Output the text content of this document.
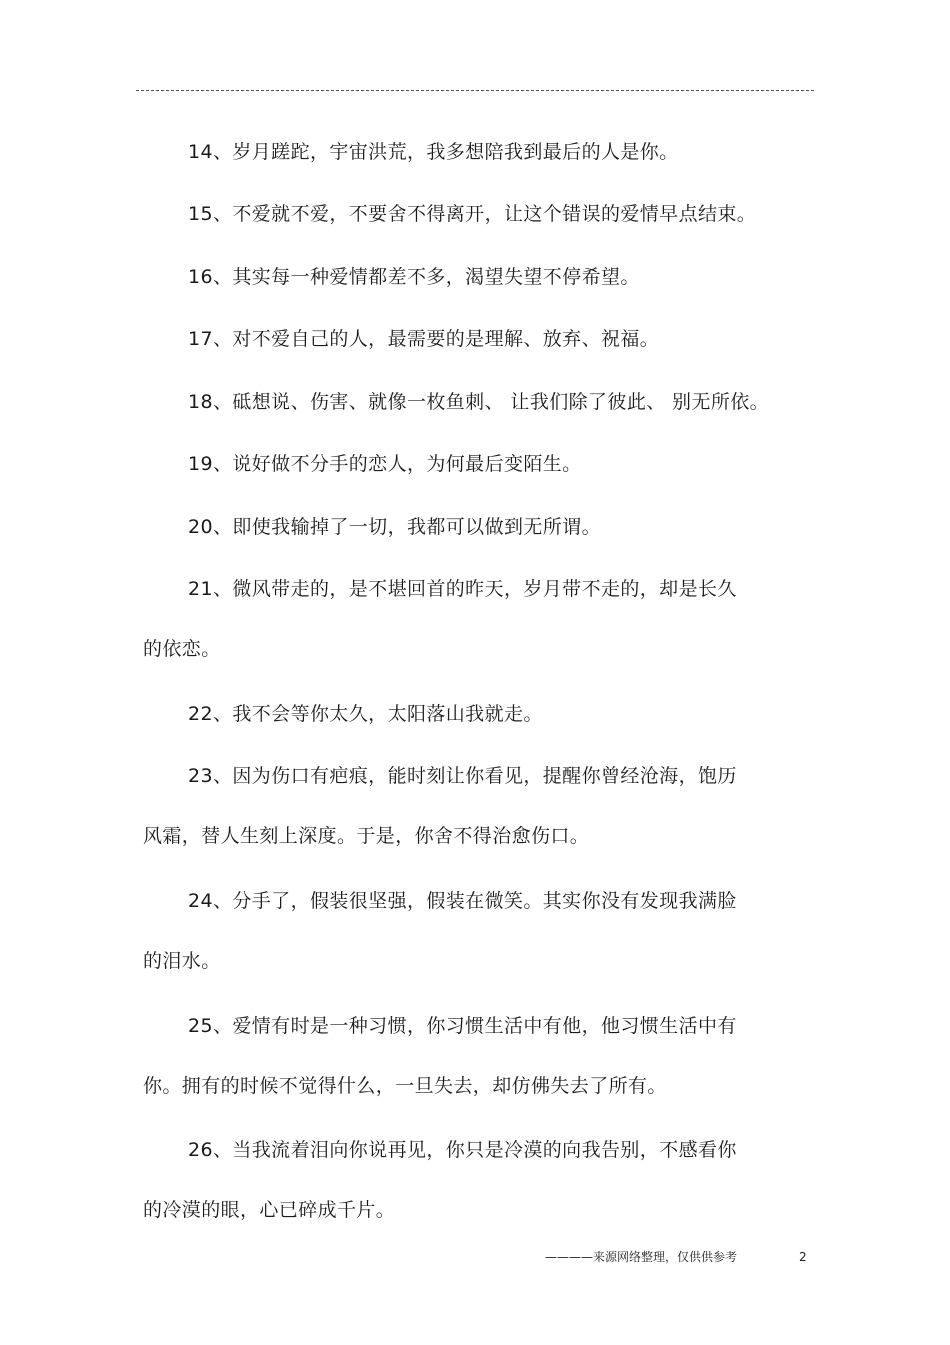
14、岁月蹉跎，宇宙洪荒，我多想陪我到最后的人是你。
15、不爱就不爱，不要舍不得离开，让这个错误的爱情早点结束。
16、其实每一种爱情都差不多，渴望失望不停希望。
17、对不爱自己的人，最需要的是理解、放弃、祝福。
18、砥想说、伤害、就像一枚鱼刺、 让我们除了彼此、 别无所依。
19、说好做不分手的恋人，为何最后变陌生。
20、即使我输掉了一切，我都可以做到无所谓。
21、微风带走的，是不堪回首的昨天，岁月带不走的，却是长久
的依恋。
22、我不会等你太久，太阳落山我就走。
23、因为伤口有疤痕，能时刻让你看见，提醒你曾经沧海，饱历
风霜，替人生刻上深度。于是，你舍不得治愈伤口。
24、分手了，假装很坚强，假装在微笑。其实你没有发现我满脸
的泪水。
25、爱情有时是一种习惯，你习惯生活中有他，他习惯生活中有
你。拥有的时候不觉得什么，一旦失去，却仿佛失去了所有。
26、当我流着泪向你说再见，你只是冷漠的向我告别，不感看你
的冷漠的眼，心已碎成千片。
————来源网络整理，仅供供参考	2
